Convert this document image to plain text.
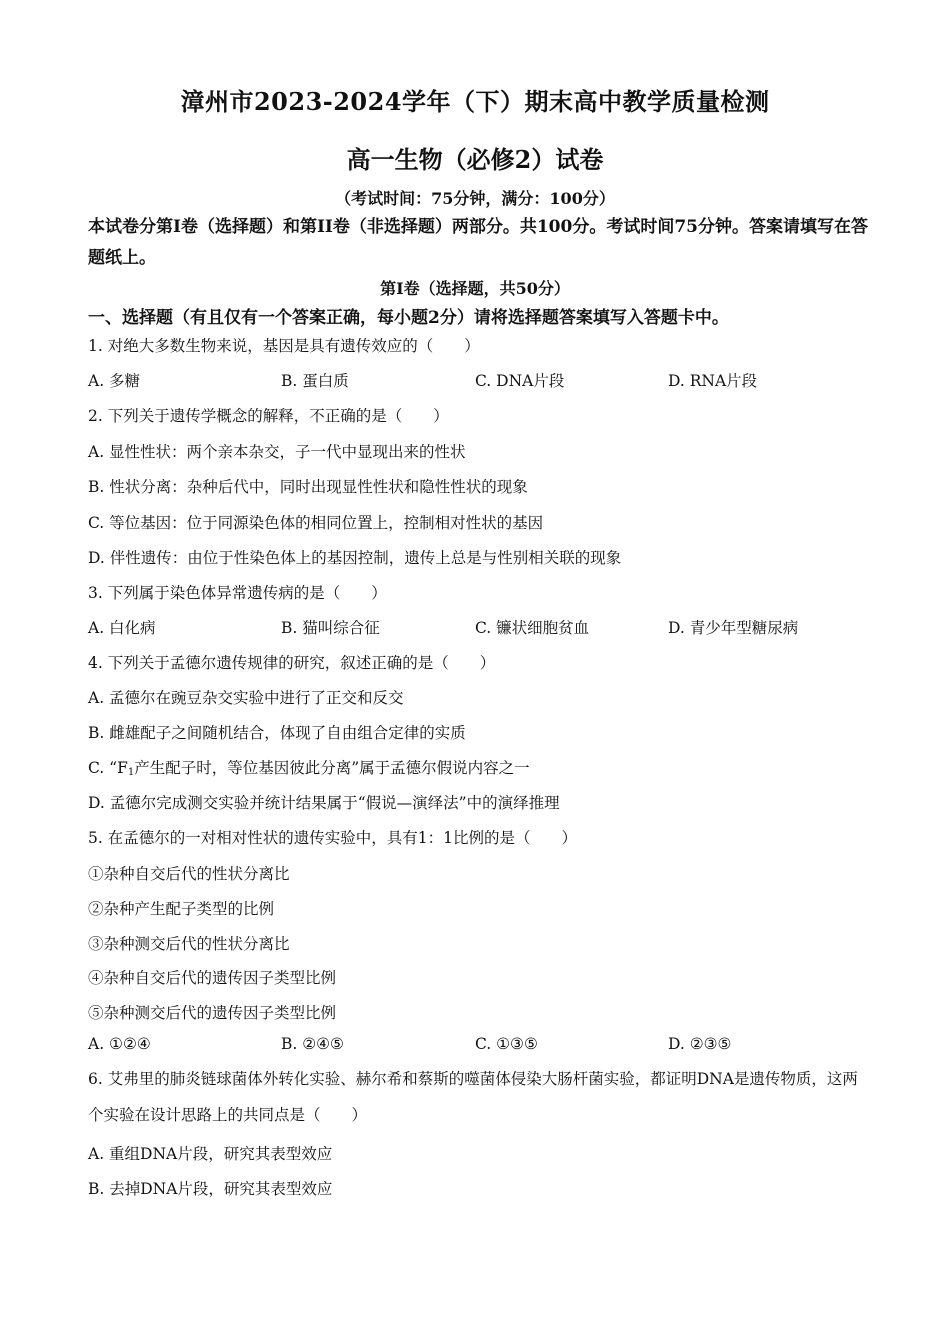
漳州市2023-2024学年（下）期末高中教学质量检测
高一生物（必修2）试卷
（考试时间：75分钟，满分：100分）
本试卷分第I卷（选择题）和第II卷（非选择题）两部分。共100分。考试时间75分钟。答案请填写在答题纸上。
第I卷（选择题，共50分）
一、选择题（有且仅有一个答案正确，每小题2分）请将选择题答案填写入答题卡中。
1. 对绝大多数生物来说，基因是具有遗传效应的（　　）
A. 多糖	B. 蛋白质	C. DNA片段	D. RNA片段
2. 下列关于遗传学概念的解释，不正确的是（　　）
A. 显性性状：两个亲本杂交，子一代中显现出来的性状
B. 性状分离：杂种后代中，同时出现显性性状和隐性性状的现象
C. 等位基因：位于同源染色体的相同位置上，控制相对性状的基因
D. 伴性遗传：由位于性染色体上的基因控制，遗传上总是与性别相关联的现象
3. 下列属于染色体异常遗传病的是（　　）
A. 白化病	B. 猫叫综合征	C. 镰状细胞贫血	D. 青少年型糖尿病
4. 下列关于孟德尔遗传规律的研究，叙述正确的是（　　）
A. 孟德尔在豌豆杂交实验中进行了正交和反交
B. 雌雄配子之间随机结合，体现了自由组合定律的实质
C. “$F_1$产生配子时，等位基因彼此分离”属于孟德尔假说内容之一
D. 孟德尔完成测交实验并统计结果属于“假说—演绎法”中的演绎推理
5. 在孟德尔的一对相对性状的遗传实验中，具有1：1比例的是（　　）
①杂种自交后代的性状分离比
②杂种产生配子类型的比例
③杂种测交后代的性状分离比
④杂种自交后代的遗传因子类型比例
⑤杂种测交后代的遗传因子类型比例
A. ①②④	B. ②④⑤	C. ①③⑤	D. ②③⑤
6. 艾弗里的肺炎链球菌体外转化实验、赫尔希和蔡斯的噬菌体侵染大肠杆菌实验，都证明DNA是遗传物质，这两个实验在设计思路上的共同点是（　　）
A. 重组DNA片段，研究其表型效应
B. 去掉DNA片段，研究其表型效应
